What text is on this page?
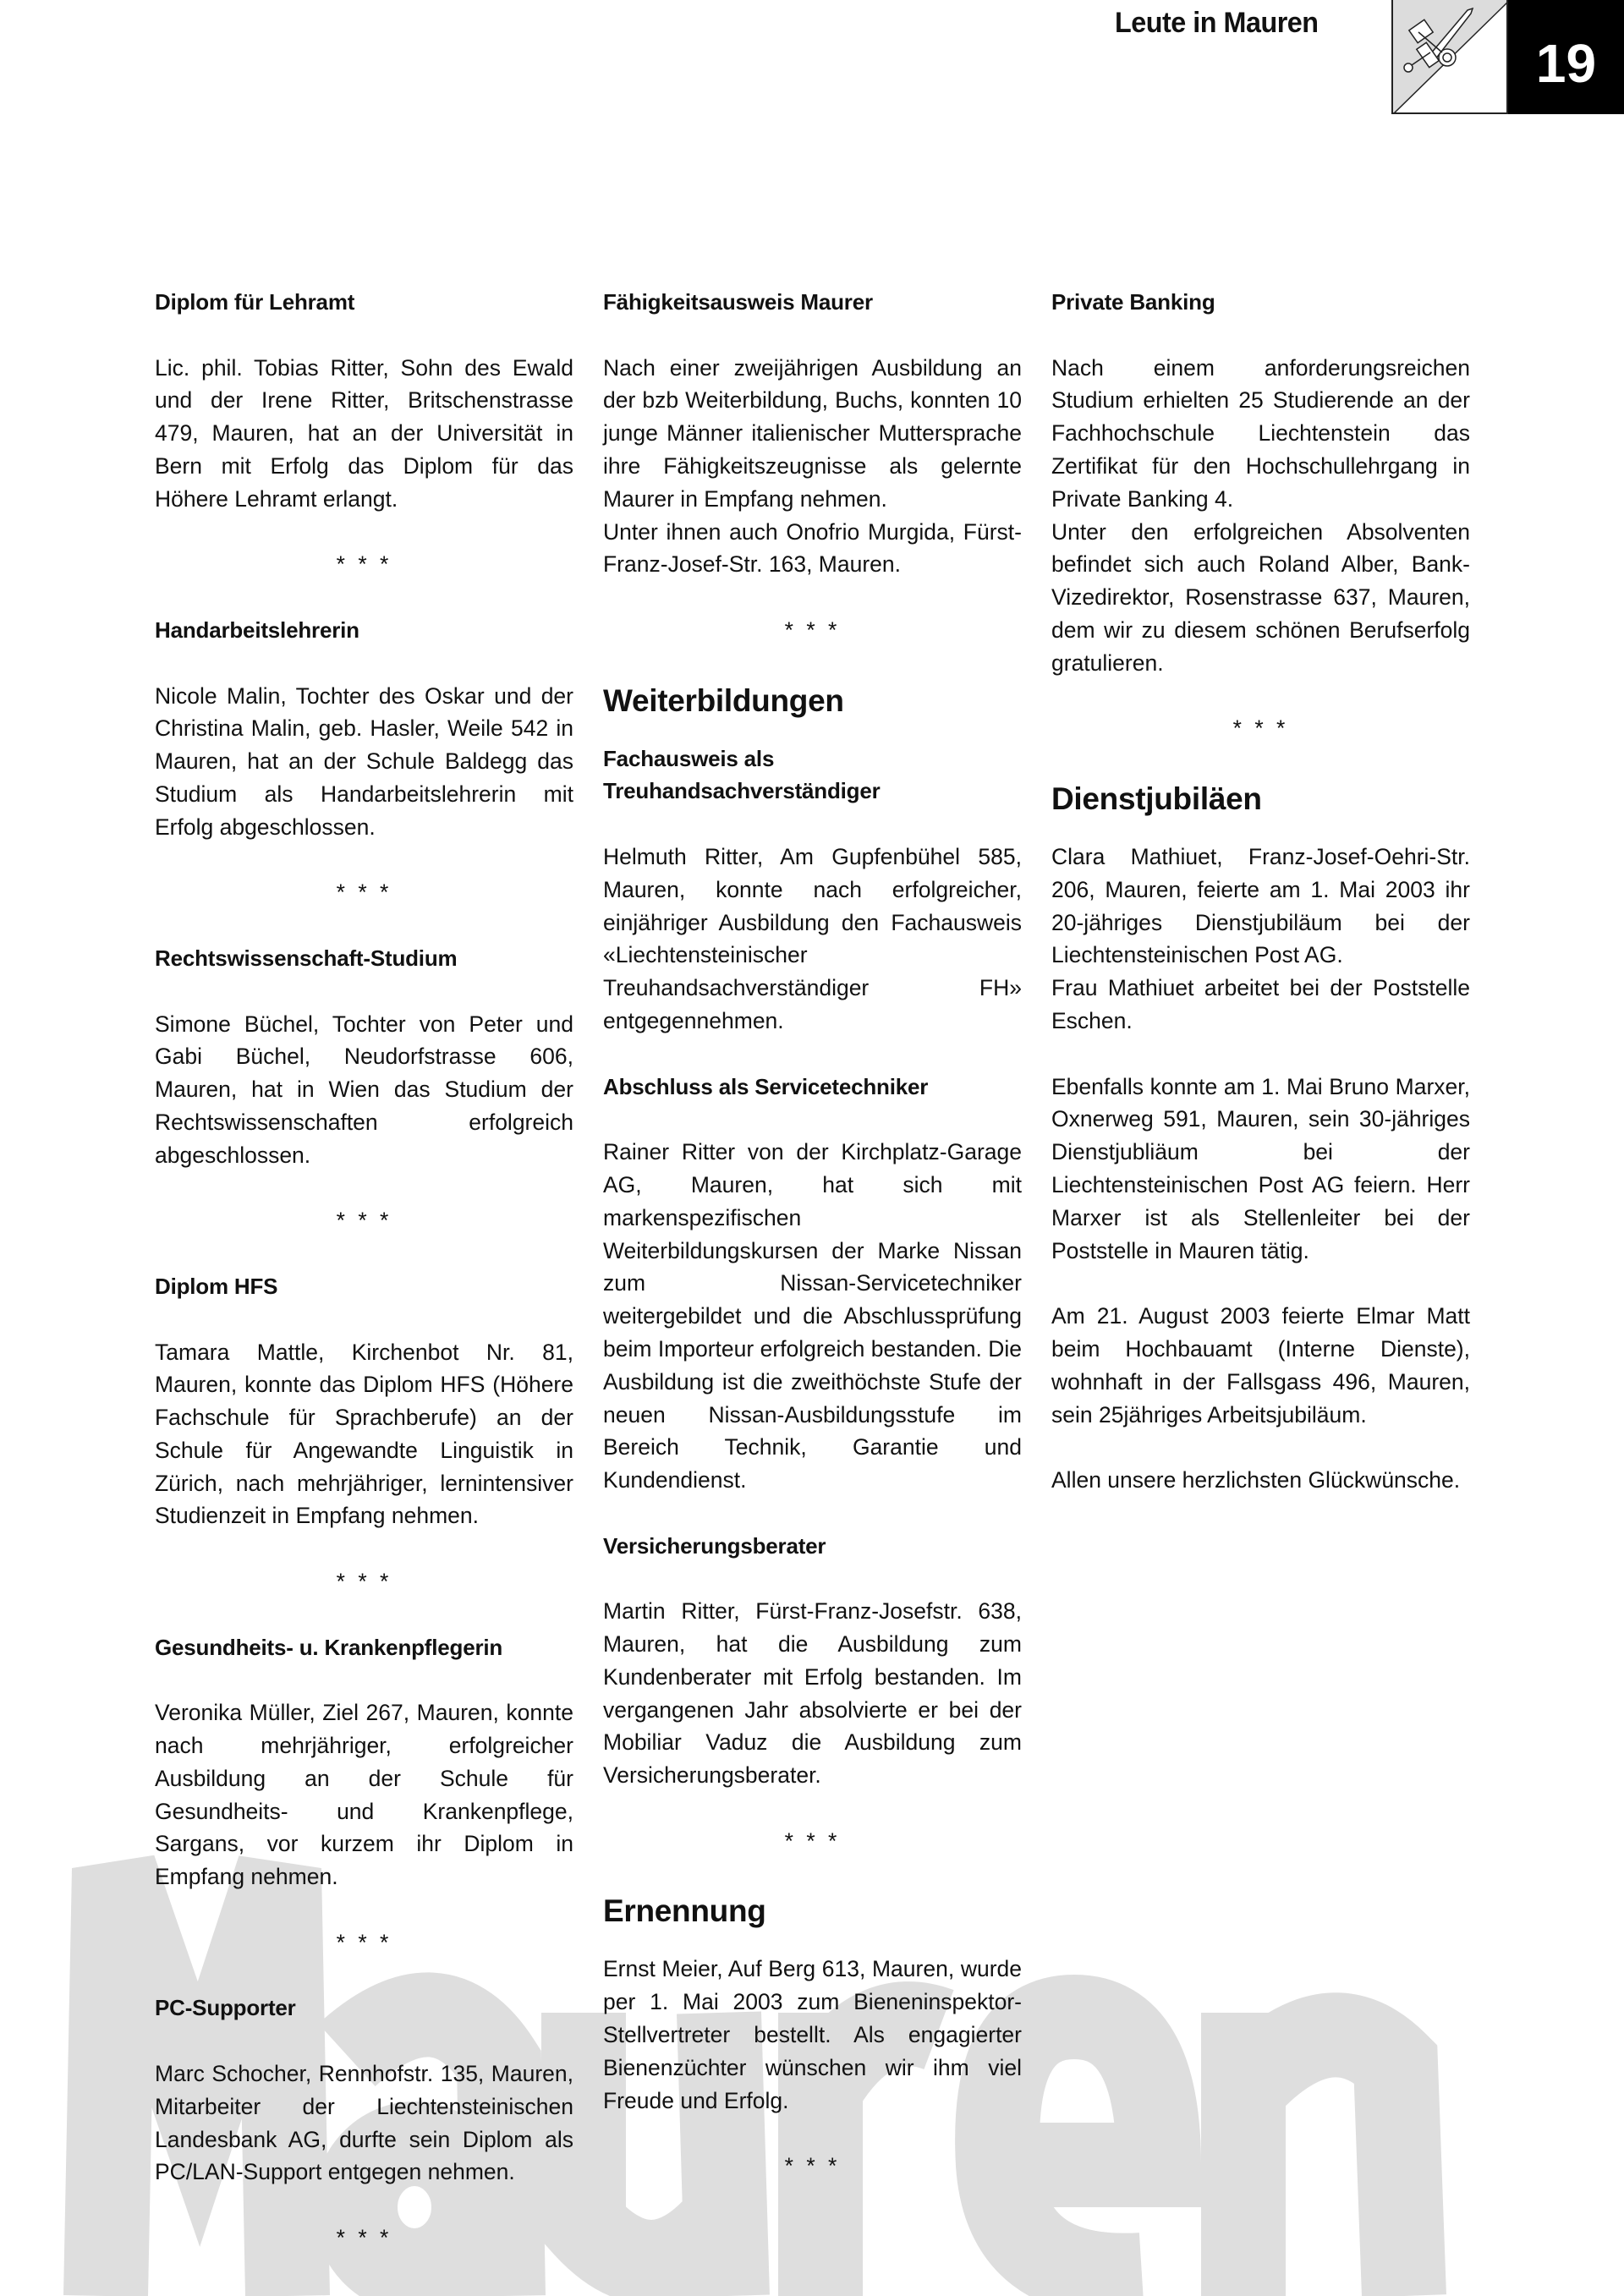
Leute in Mauren
19
Diplom für Lehramt

Lic. phil. Tobias Ritter, Sohn des Ewald und der Irene Ritter, Britschenstrasse 479, Mauren, hat an der Universität in Bern mit Erfolg das Diplom für das Höhere Lehramt erlangt.

* * *
Handarbeitslehrerin

Nicole Malin, Tochter des Oskar und der Christina Malin, geb. Hasler, Weile 542 in Mauren, hat an der Schule Baldegg das Studium als Handarbeitslehrerin mit Erfolg abgeschlossen.

* * *
Rechtswissenschaft-Studium

Simone Büchel, Tochter von Peter und Gabi Büchel, Neudorfstrasse 606, Mauren, hat in Wien das Studium der Rechtswissenschaften erfolgreich abgeschlossen.

* * *
Diplom HFS

Tamara Mattle, Kirchenbot Nr. 81, Mauren, konnte das Diplom HFS (Höhere Fachschule für Sprachberufe) an der Schule für Angewandte Linguistik in Zürich, nach mehrjähriger, lernintensiver Studienzeit in Empfang nehmen.

* * *
Gesundheits- u. Krankenpflegerin

Veronika Müller, Ziel 267, Mauren, konnte nach mehrjähriger, erfolgreicher Ausbildung an der Schule für Gesundheits- und Krankenpflege, Sargans, vor kurzem ihr Diplom in Empfang nehmen.

* * *
PC-Supporter

Marc Schocher, Rennhofstr. 135, Mauren, Mitarbeiter der Liechtensteinischen Landesbank AG, durfte sein Diplom als PC/LAN-Support entgegen nehmen.

* * *
Fähigkeitsausweis Maurer

Nach einer zweijährigen Ausbildung an der bzb Weiterbildung, Buchs, konnten 10 junge Männer italienischer Muttersprache ihre Fähigkeitszeugnisse als gelernte Maurer in Empfang nehmen.

Unter ihnen auch Onofrio Murgida, Fürst-Franz-Josef-Str. 163, Mauren.

* * *
Weiterbildungen
Fachausweis als Treuhandsachverständiger

Helmuth Ritter, Am Gupfenbühel 585, Mauren, konnte nach erfolgreicher, einjähriger Ausbildung den Fachausweis «Liechtensteinischer Treuhandsachverständiger FH» entgegennehmen.

Abschluss als Servicetechniker

Rainer Ritter von der Kirchplatz-Garage AG, Mauren, hat sich mit markenspezifischen Weiterbildungskursen der Marke Nissan zum Nissan-Servicetechniker weitergebildet und die Abschlussprüfung beim Importeur erfolgreich bestanden. Die Ausbildung ist die zweithöchste Stufe der neuen Nissan-Ausbildungsstufe im Bereich Technik, Garantie und Kundendienst.

Versicherungsberater

Martin Ritter, Fürst-Franz-Josefstr. 638, Mauren, hat die Ausbildung zum Kundenberater mit Erfolg bestanden. Im vergangenen Jahr absolvierte er bei der Mobiliar Vaduz die Ausbildung zum Versicherungsberater.

* * *
Ernennung

Ernst Meier, Auf Berg 613, Mauren, wurde per 1. Mai 2003 zum Bieneninspektor-Stellvertreter bestellt. Als engagierter Bienenzüchter wünschen wir ihm viel Freude und Erfolg.

* * *
Private Banking

Nach einem anforderungsreichen Studium erhielten 25 Studierende an der Fachhochschule Liechtenstein das Zertifikat für den Hochschullehrgang in Private Banking 4.

Unter den erfolgreichen Absolventen befindet sich auch Roland Alber, Bank-Vizedirektor, Rosenstrasse 637, Mauren, dem wir zu diesem schönen Berufserfolg gratulieren.

* * *
Dienstjubiläen

Clara Mathiuet, Franz-Josef-Oehri-Str. 206, Mauren, feierte am 1. Mai 2003 ihr 20-jähriges Dienstjubiläum bei der Liechtensteinischen Post AG.

Frau Mathiuet arbeitet bei der Poststelle Eschen.

Ebenfalls konnte am 1. Mai Bruno Marxer, Oxnerweg 591, Mauren, sein 30-jähriges Dienstjubliäum bei der Liechtensteinischen Post AG feiern. Herr Marxer ist als Stellenleiter bei der Poststelle in Mauren tätig.

Am 21. August 2003 feierte Elmar Matt beim Hochbauamt (Interne Dienste), wohnhaft in der Fallsgass 496, Mauren, sein 25jähriges Arbeitsjubiläum.

Allen unsere herzlichsten Glückwünsche.
